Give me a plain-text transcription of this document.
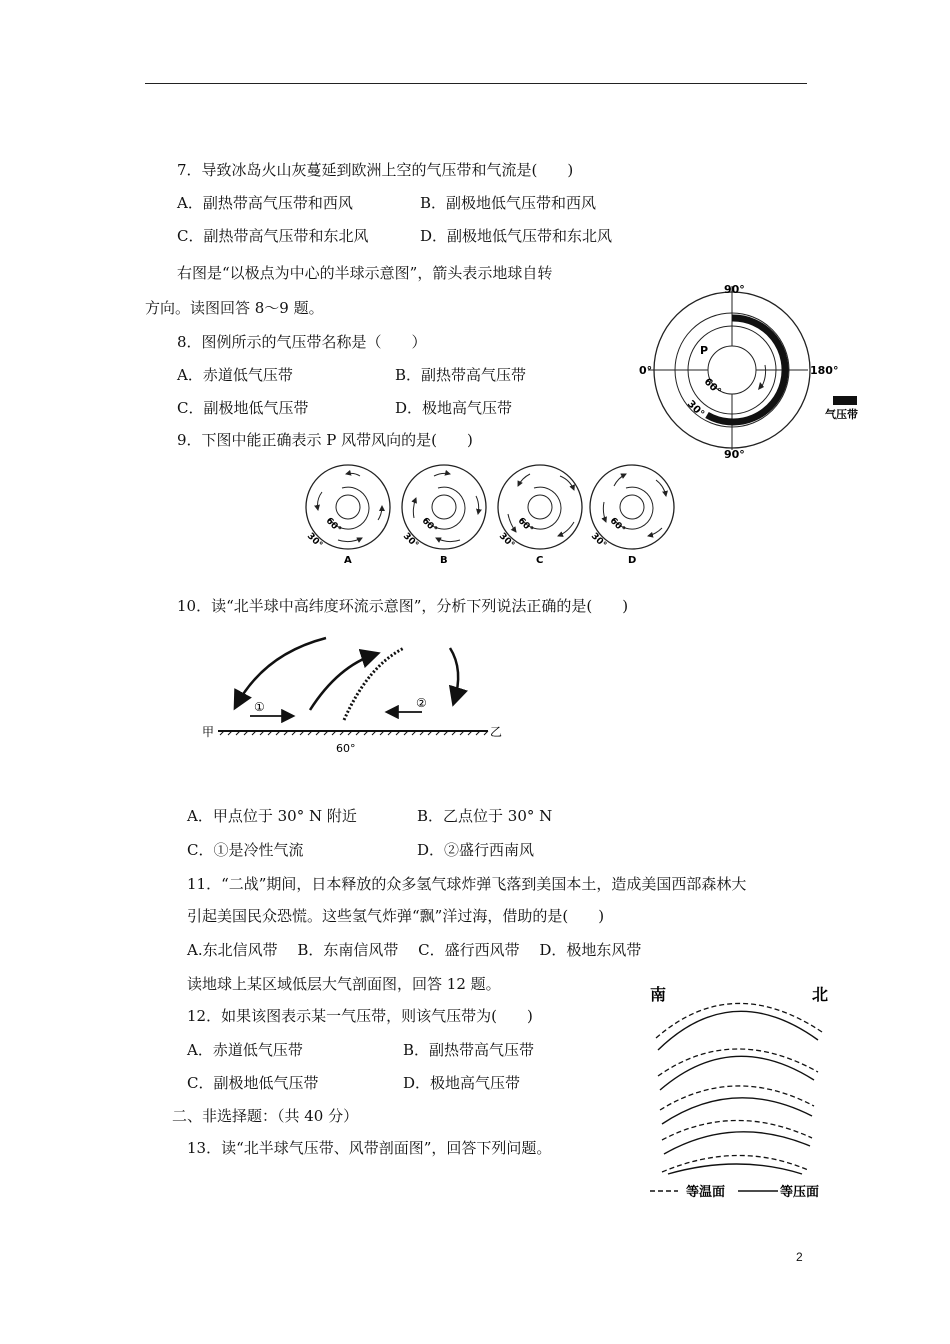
7．导致冰岛火山灰蔓延到欧洲上空的气压带和气流是(　　)
A．副热带高气压带和西风	B．副极地低气压带和西风
C．副热带高气压带和东北风	D．副极地低气压带和东北风
右图是“以极点为中心的半球示意图”，箭头表示地球自转
方向。读图回答 8～9 题。
8．图例所示的气压带名称是（　　）
A．赤道低气压带	B．副热带高气压带
C．副极地低气压带	D．极地高气压带
90°
90°
0°	180°
P
60°
30°	气压带
9．下图中能正确表示 P 风带风向的是(　　)
60°
30°
A
60°
30°
B
60°
30°
C
60°
30°
D
10．读“北半球中高纬度环流示意图”，分析下列说法正确的是(　　)
①	②
甲	乙
60°
A．甲点位于 30° N 附近	B．乙点位于 30° N
C．①是冷性气流	D．②盛行西南风
11．“二战”期间，日本释放的众多氢气球炸弹飞落到美国本土，造成美国西部森林大
引起美国民众恐慌。这些氢气炸弹“飘”洋过海，借助的是(　　)
A.东北信风带　 B．东南信风带　 C．盛行西风带　 D．极地东风带
读地球上某区域低层大气剖面图，回答 12 题。
12．如果该图表示某一气压带，则该气压带为(　　)
A．赤道低气压带	B．副热带高气压带
C．副极地低气压带	D．极地高气压带
南	北
等温面	等压面
二、非选择题：（共 40 分）
13．读“北半球气压带、风带剖面图”，回答下列问题。
2
